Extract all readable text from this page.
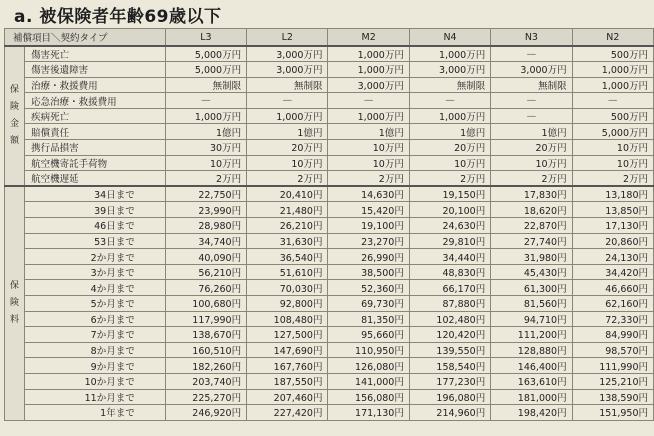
a. 被保険者年齢69歳以下
補償項目＼契約タイプ		L3	L2	M2	N4	N3	N2
保
険
金
額	傷害死亡	5,000万円	3,000万円	1,000万円	1,000万円	—	500万円
	傷害後遺障害	5,000万円	3,000万円	1,000万円	3,000万円	3,000万円	1,000万円
	治療・救援費用	無制限	無制限	3,000万円	無制限	無制限	1,000万円
	応急治療・救援費用	—	—	—	—	—	—
	疾病死亡	1,000万円	1,000万円	1,000万円	1,000万円	—	500万円
	賠償責任	1億円	1億円	1億円	1億円	1億円	5,000万円
	携行品損害	30万円	20万円	10万円	20万円	20万円	10万円
	航空機寄託手荷物	10万円	10万円	10万円	10万円	10万円	10万円
	航空機遅延	2万円	2万円	2万円	2万円	2万円	2万円
保
険
料	34日まで	22,750円	20,410円	14,630円	19,150円	17,830円	13,180円
	39日まで	23,990円	21,480円	15,420円	20,100円	18,620円	13,850円
	46日まで	28,980円	26,210円	19,100円	24,630円	22,870円	17,130円
	53日まで	34,740円	31,630円	23,270円	29,810円	27,740円	20,860円
	2か月まで	40,090円	36,540円	26,990円	34,440円	31,980円	24,130円
	3か月まで	56,210円	51,610円	38,500円	48,830円	45,430円	34,420円
	4か月まで	76,260円	70,030円	52,360円	66,170円	61,300円	46,660円
	5か月まで	100,680円	92,800円	69,730円	87,880円	81,560円	62,160円
	6か月まで	117,990円	108,480円	81,350円	102,480円	94,710円	72,330円
	7か月まで	138,670円	127,500円	95,660円	120,420円	111,200円	84,990円
	8か月まで	160,510円	147,690円	110,950円	139,550円	128,880円	98,570円
	9か月まで	182,260円	167,760円	126,080円	158,540円	146,400円	111,990円
	10か月まで	203,740円	187,550円	141,000円	177,230円	163,610円	125,210円
	11か月まで	225,270円	207,460円	156,080円	196,080円	181,000円	138,590円
	1年まで	246,920円	227,420円	171,130円	214,960円	198,420円	151,950円
